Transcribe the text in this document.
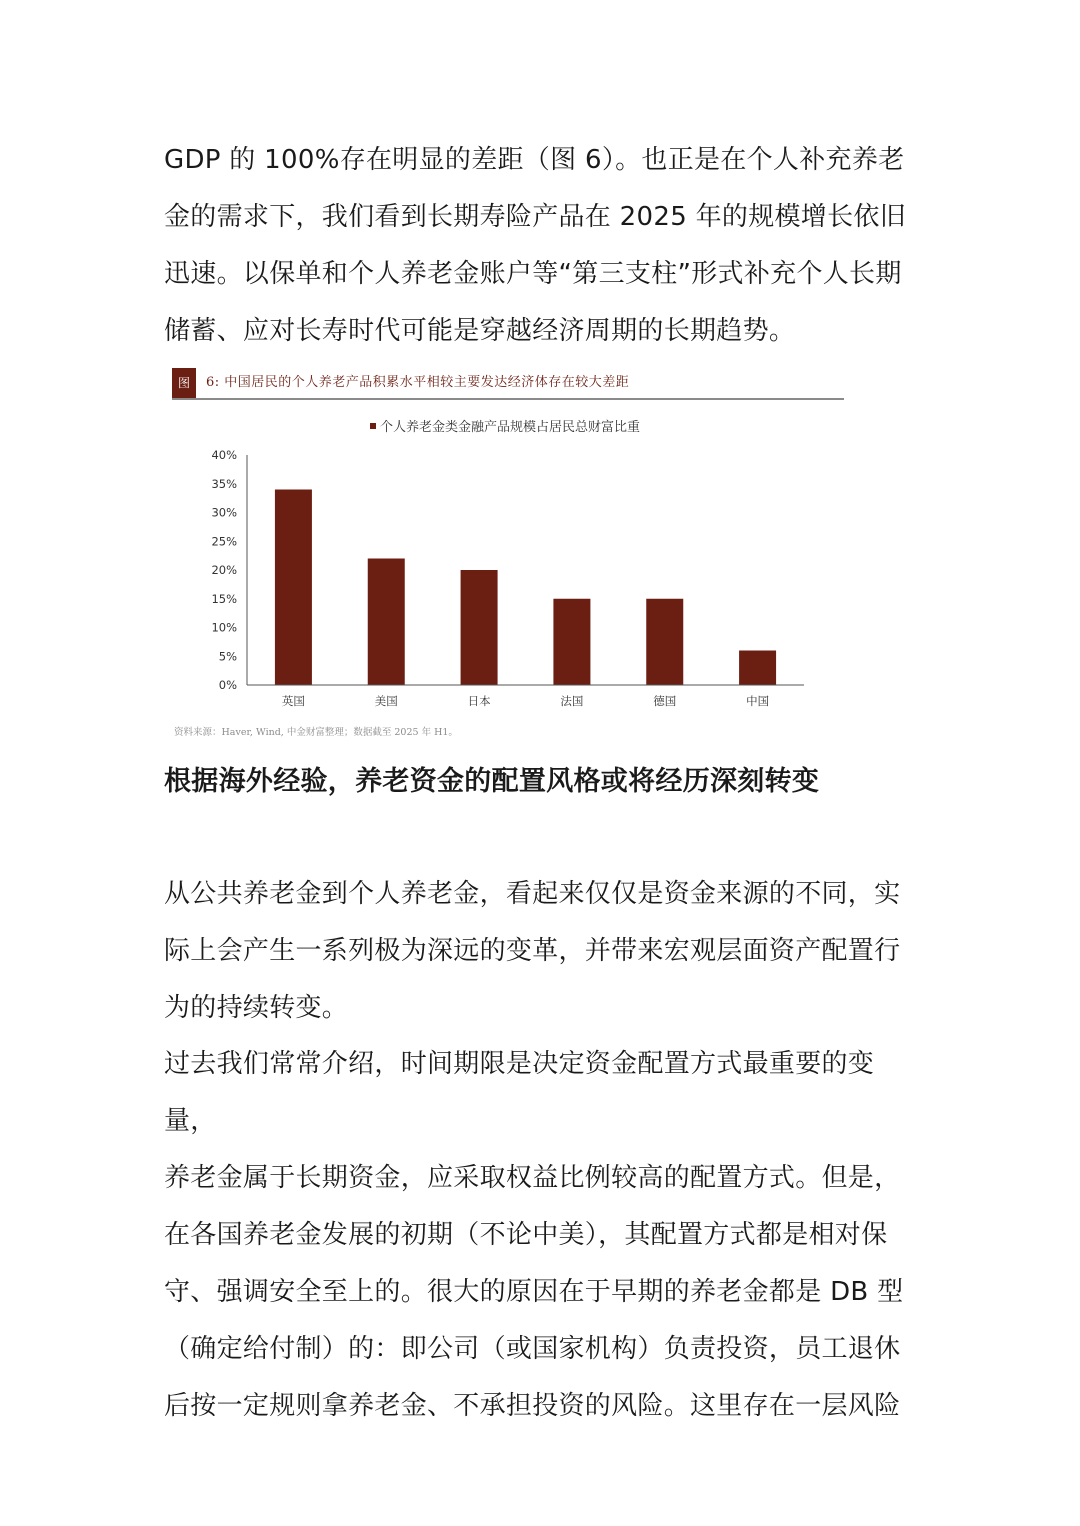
GDP 的 100%存在明显的差距（图 6）。也正是在个人补充养老
金的需求下，我们看到长期寿险产品在 2025 年的规模增长依旧
迅速。以保单和个人养老金账户等“第三支柱”形式补充个人长期
储蓄、应对长寿时代可能是穿越经济周期的长期趋势。
图	6: 中国居民的个人养老产品积累水平相较主要发达经济体存在较大差距
个人养老金类金融产品规模占居民总财富比重
0%
5%
10%
15%
20%
25%
30%
35%
40%
英国	美国	日本	法国	德国	中国
资料来源：Haver, Wind, 中金财富整理；数据截至 2025 年 H1。
根据海外经验，养老资金的配置风格或将经历深刻转变
从公共养老金到个人养老金，看起来仅仅是资金来源的不同，实
际上会产生一系列极为深远的变革，并带来宏观层面资产配置行
为的持续转变。
过去我们常常介绍，时间期限是决定资金配置方式最重要的变量，
养老金属于长期资金，应采取权益比例较高的配置方式。但是，
在各国养老金发展的初期（不论中美），其配置方式都是相对保
守、强调安全至上的。很大的原因在于早期的养老金都是 DB 型
（确定给付制）的：即公司（或国家机构）负责投资，员工退休
后按一定规则拿养老金、不承担投资的风险。这里存在一层风险
